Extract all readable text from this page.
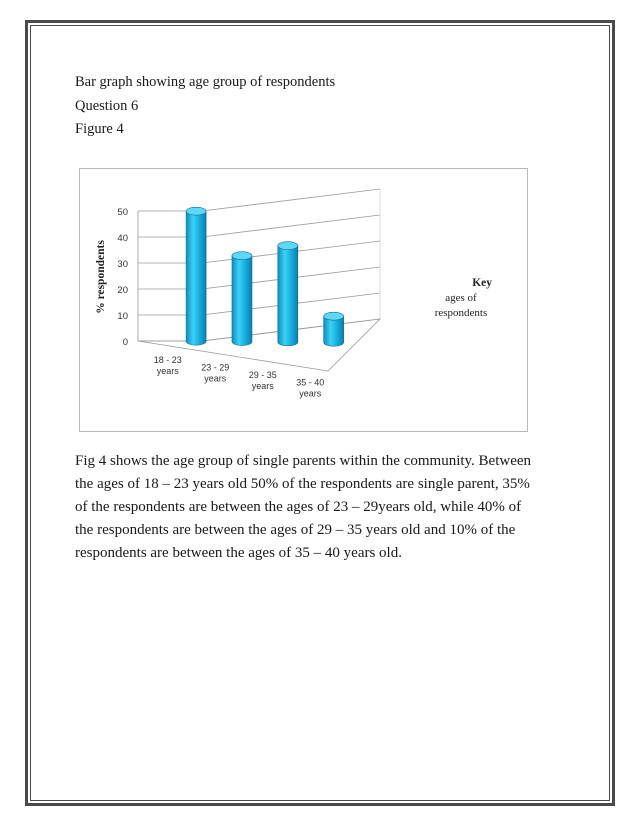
Bar graph showing age group of respondents
Question 6
Figure 4
0
10
20
30
40
50
18 - 23
years 23 - 29
years 29 - 35
years 35 - 40
years
% respondents	Key
ages of
respondents
Fig 4 shows the age group of single parents within the community. Between
the ages of 18 – 23 years old 50% of the respondents are single parent, 35%
of the respondents are between the ages of 23 – 29years old, while 40% of
the respondents are between the ages of 29 – 35 years old and 10% of the
respondents are between the ages of 35 – 40 years old.
